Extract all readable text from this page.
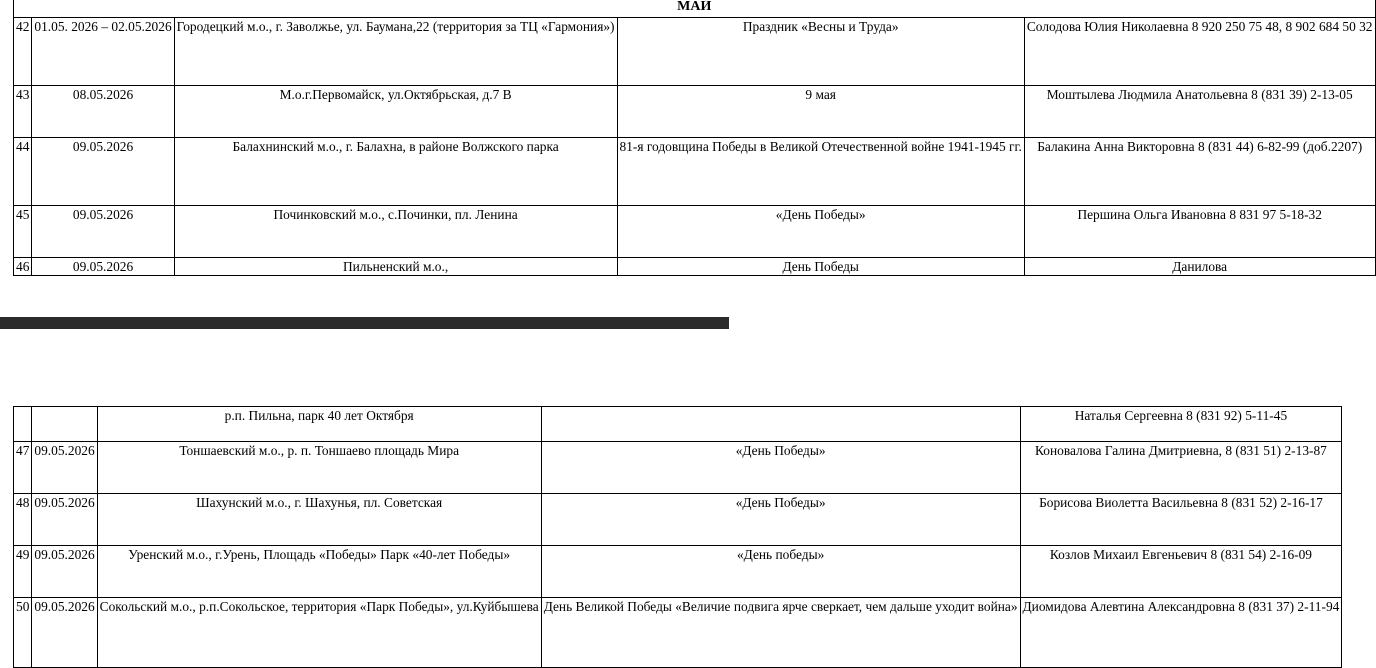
МАЙ				
42	01.05. 2026 – 02.05.2026	Городецкий м.о., г. Заволжье, ул. Баумана,22 (территория за ТЦ «Гармония»)	Праздник «Весны и Труда»	Солодова Юлия Николаевна 8 920 250 75 48, 8 902 684 50 32
43	08.05.2026	М.о.г.Первомайск, ул.Октябрьская, д.7 В	9 мая	Моштылева Людмила Анатольевна 8 (831 39) 2-13-05
44	09.05.2026	Балахнинский м.о., г. Балахна, в районе Волжского парка	81-я годовщина Победы в Великой Отечественной войне 1941-1945 гг.	Балакина Анна Викторовна 8 (831 44) 6-82-99 (доб.2207)
45	09.05.2026	Починковский м.о., с.Починки, пл. Ленина	«День Победы»	Першина Ольга Ивановна 8 831 97 5-18-32
46	09.05.2026	Пильненский м.о.,	День Победы	Данилова
		р.п. Пильна, парк 40 лет Октября		Наталья Сергеевна 8 (831 92) 5-11-45
47	09.05.2026	Тоншаевский м.о., р. п. Тоншаево площадь Мира	«День Победы»	Коновалова Галина Дмитриевна, 8 (831 51) 2-13-87
48	09.05.2026	Шахунский м.о., г. Шахунья, пл. Советская	«День Победы»	Борисова Виолетта Васильевна 8 (831 52) 2-16-17
49	09.05.2026	Уренский м.о., г.Урень, Площадь «Победы» Парк «40-лет Победы»	«День победы»	Козлов Михаил Евгеньевич 8 (831 54) 2-16-09
50	09.05.2026	Сокольский м.о., р.п.Сокольское, территория «Парк Победы», ул.Куйбышева	День Великой Победы «Величие подвига ярче сверкает, чем дальше уходит война»	Диомидова Алевтина Александровна 8 (831 37) 2-11-94
